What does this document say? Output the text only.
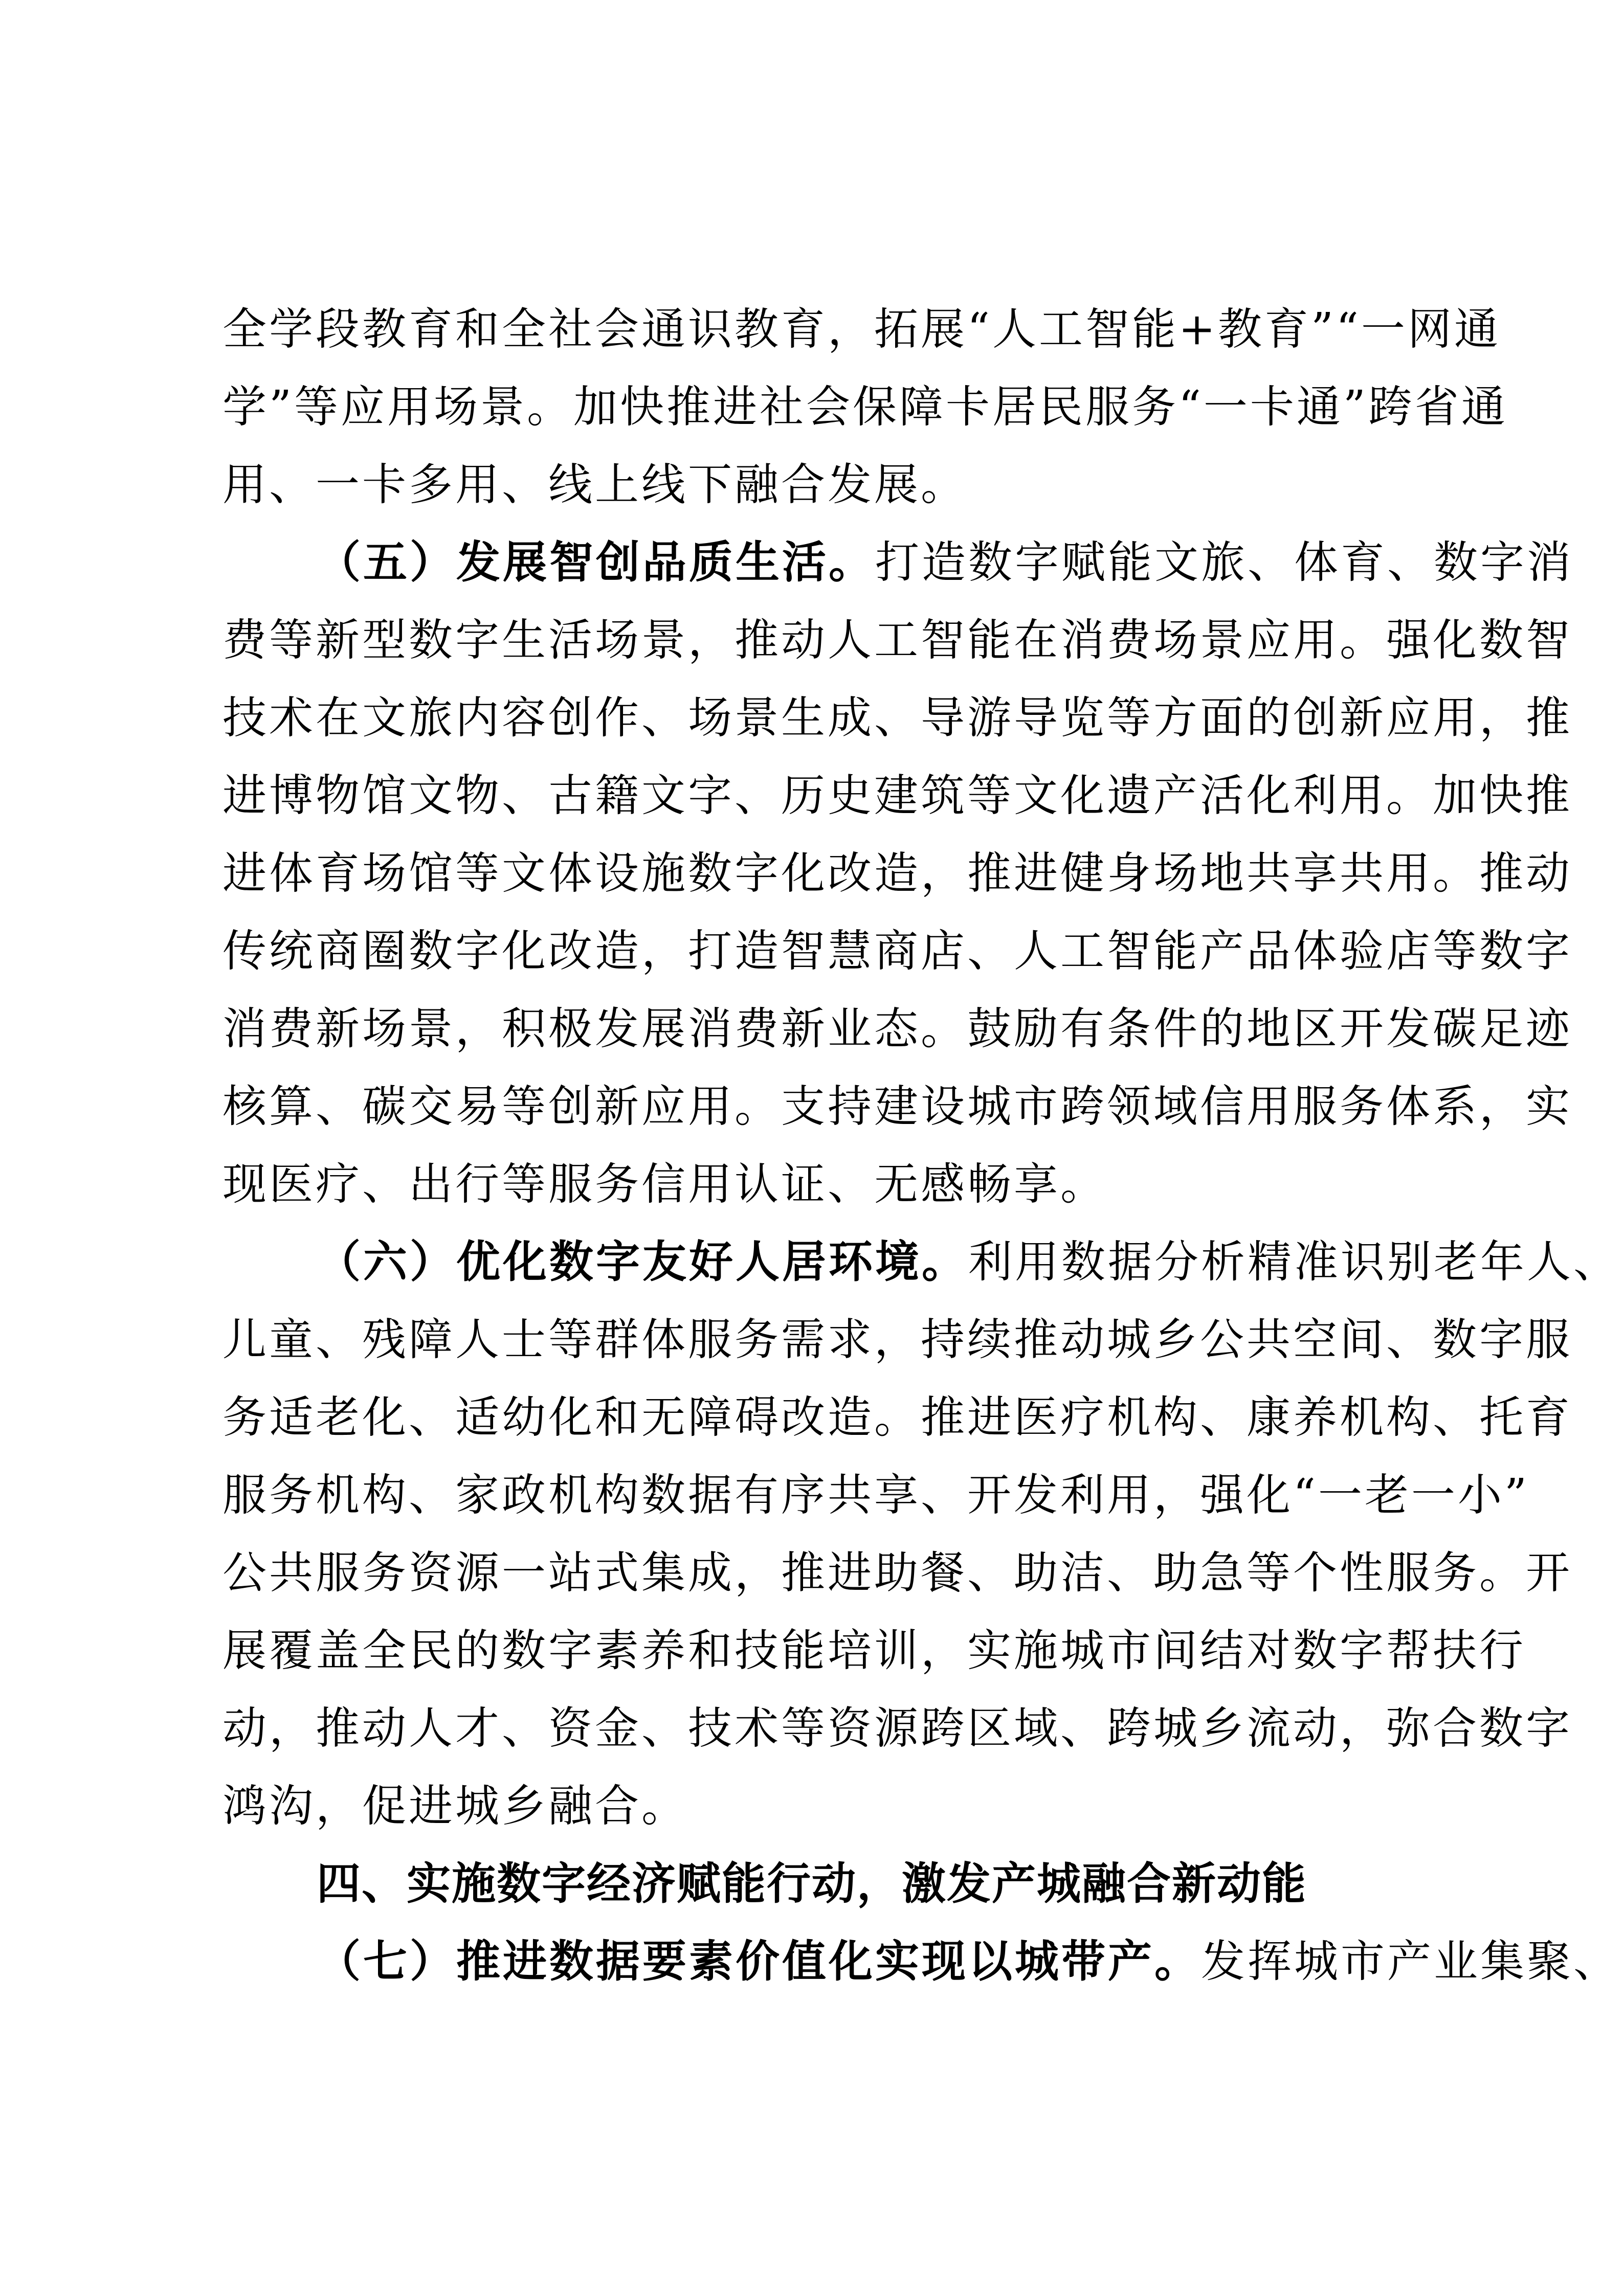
全学段教育和全社会通识教育，拓展“人工智能+教育”“一网通
学”等应用场景。加快推进社会保障卡居民服务“一卡通”跨省通
用、一卡多用、线上线下融合发展。
（五）发展智创品质生活。打造数字赋能文旅、体育、数字消
费等新型数字生活场景，推动人工智能在消费场景应用。强化数智
技术在文旅内容创作、场景生成、导游导览等方面的创新应用，推
进博物馆文物、古籍文字、历史建筑等文化遗产活化利用。加快推
进体育场馆等文体设施数字化改造，推进健身场地共享共用。推动
传统商圈数字化改造，打造智慧商店、人工智能产品体验店等数字
消费新场景，积极发展消费新业态。鼓励有条件的地区开发碳足迹
核算、碳交易等创新应用。支持建设城市跨领域信用服务体系，实
现医疗、出行等服务信用认证、无感畅享。
（六）优化数字友好人居环境。利用数据分析精准识别老年人、
儿童、残障人士等群体服务需求，持续推动城乡公共空间、数字服
务适老化、适幼化和无障碍改造。推进医疗机构、康养机构、托育
服务机构、家政机构数据有序共享、开发利用，强化“一老一小”
公共服务资源一站式集成，推进助餐、助洁、助急等个性服务。开
展覆盖全民的数字素养和技能培训，实施城市间结对数字帮扶行
动，推动人才、资金、技术等资源跨区域、跨城乡流动，弥合数字
鸿沟，促进城乡融合。
四、实施数字经济赋能行动，激发产城融合新动能
（七）推进数据要素价值化实现以城带产。发挥城市产业集聚、
